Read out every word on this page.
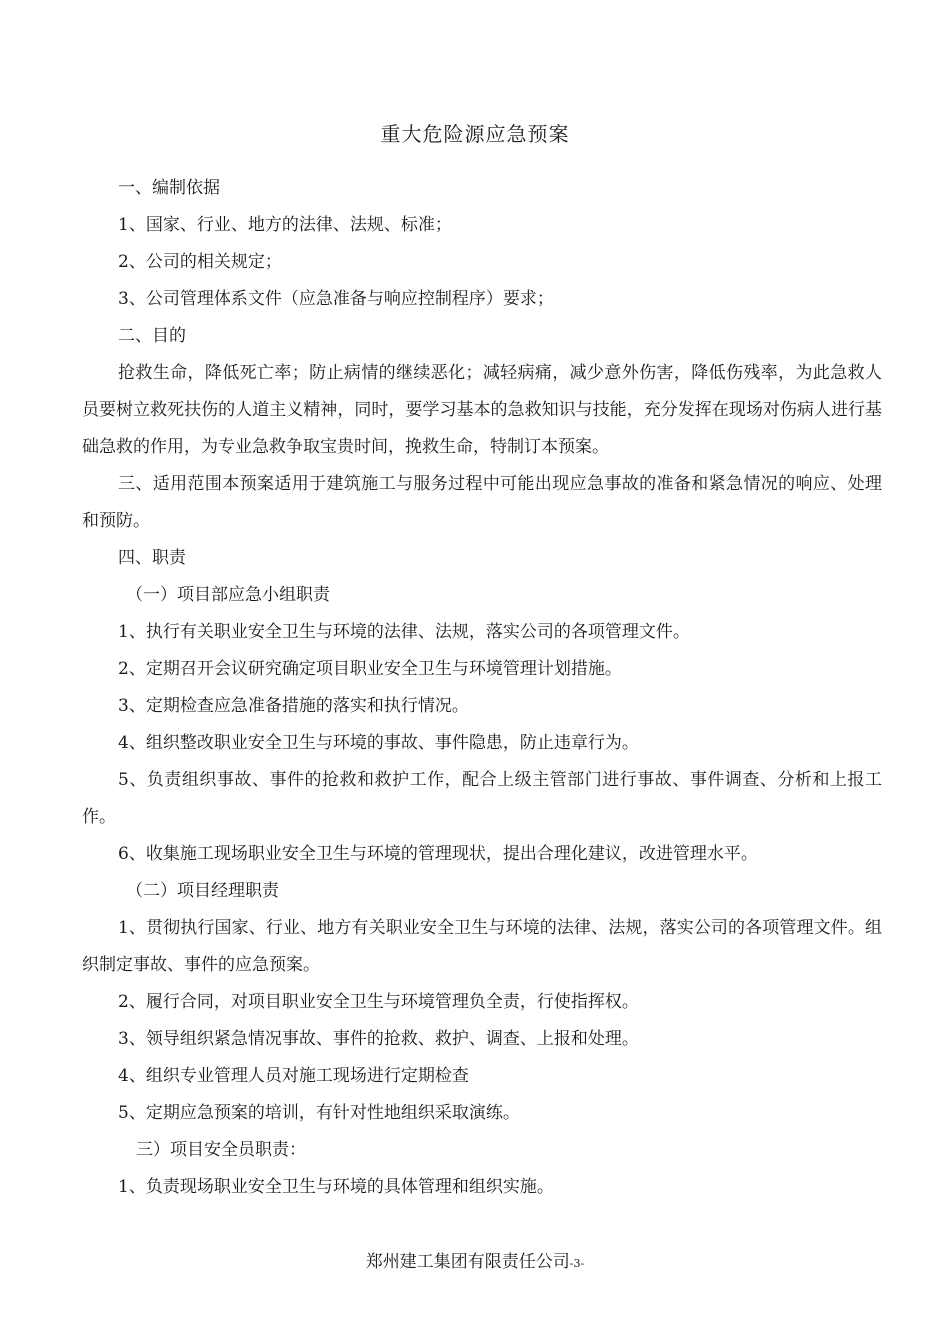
重大危险源应急预案

一、编制依据

1、国家、行业、地方的法律、法规、标准；

2、公司的相关规定；

3、公司管理体系文件（应急准备与响应控制程序）要求；

二、目的

抢救生命，降低死亡率；防止病情的继续恶化；减轻病痛，减少意外伤害，降低伤残率，为此急救人员要树立救死扶伤的人道主义精神，同时，要学习基本的急救知识与技能，充分发挥在现场对伤病人进行基础急救的作用，为专业急救争取宝贵时间，挽救生命，特制订本预案。

三、适用范围本预案适用于建筑施工与服务过程中可能出现应急事故的准备和紧急情况的响应、处理和预防。

四、职责

（一）项目部应急小组职责

1、执行有关职业安全卫生与环境的法律、法规，落实公司的各项管理文件。

2、定期召开会议研究确定项目职业安全卫生与环境管理计划措施。

3、定期检查应急准备措施的落实和执行情况。

4、组织整改职业安全卫生与环境的事故、事件隐患，防止违章行为。

5、负责组织事故、事件的抢救和救护工作，配合上级主管部门进行事故、事件调查、分析和上报工作。

6、收集施工现场职业安全卫生与环境的管理现状，提出合理化建议，改进管理水平。

（二）项目经理职责

1、贯彻执行国家、行业、地方有关职业安全卫生与环境的法律、法规，落实公司的各项管理文件。组织制定事故、事件的应急预案。

2、履行合同，对项目职业安全卫生与环境管理负全责，行使指挥权。

3、领导组织紧急情况事故、事件的抢救、救护、调查、上报和处理。

4、组织专业管理人员对施工现场进行定期检查

5、定期应急预案的培训，有针对性地组织采取演练。

三）项目安全员职责：

1、负责现场职业安全卫生与环境的具体管理和组织实施。

郑州建工集团有限责任公司-3-
